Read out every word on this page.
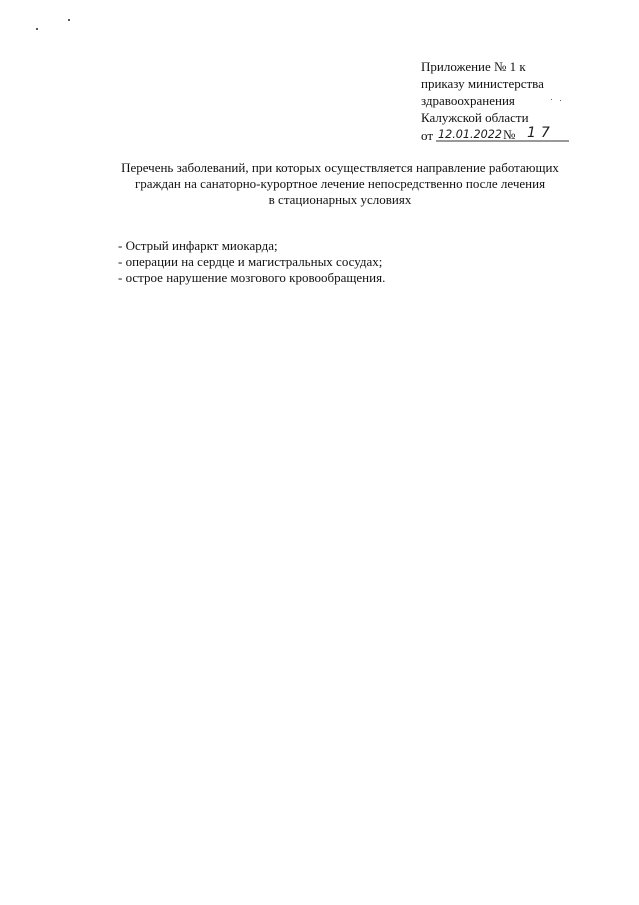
Приложение № 1 к
приказу министерства
здравоохранения
Калужской области
от 12.01.2022 № 17
Перечень заболеваний, при которых осуществляется направление работающих
граждан на санаторно-курортное лечение непосредственно после лечения
в стационарных условиях
- Острый инфаркт миокарда;
- операции на сердце и магистральных сосудах;
- острое нарушение мозгового кровообращения.
